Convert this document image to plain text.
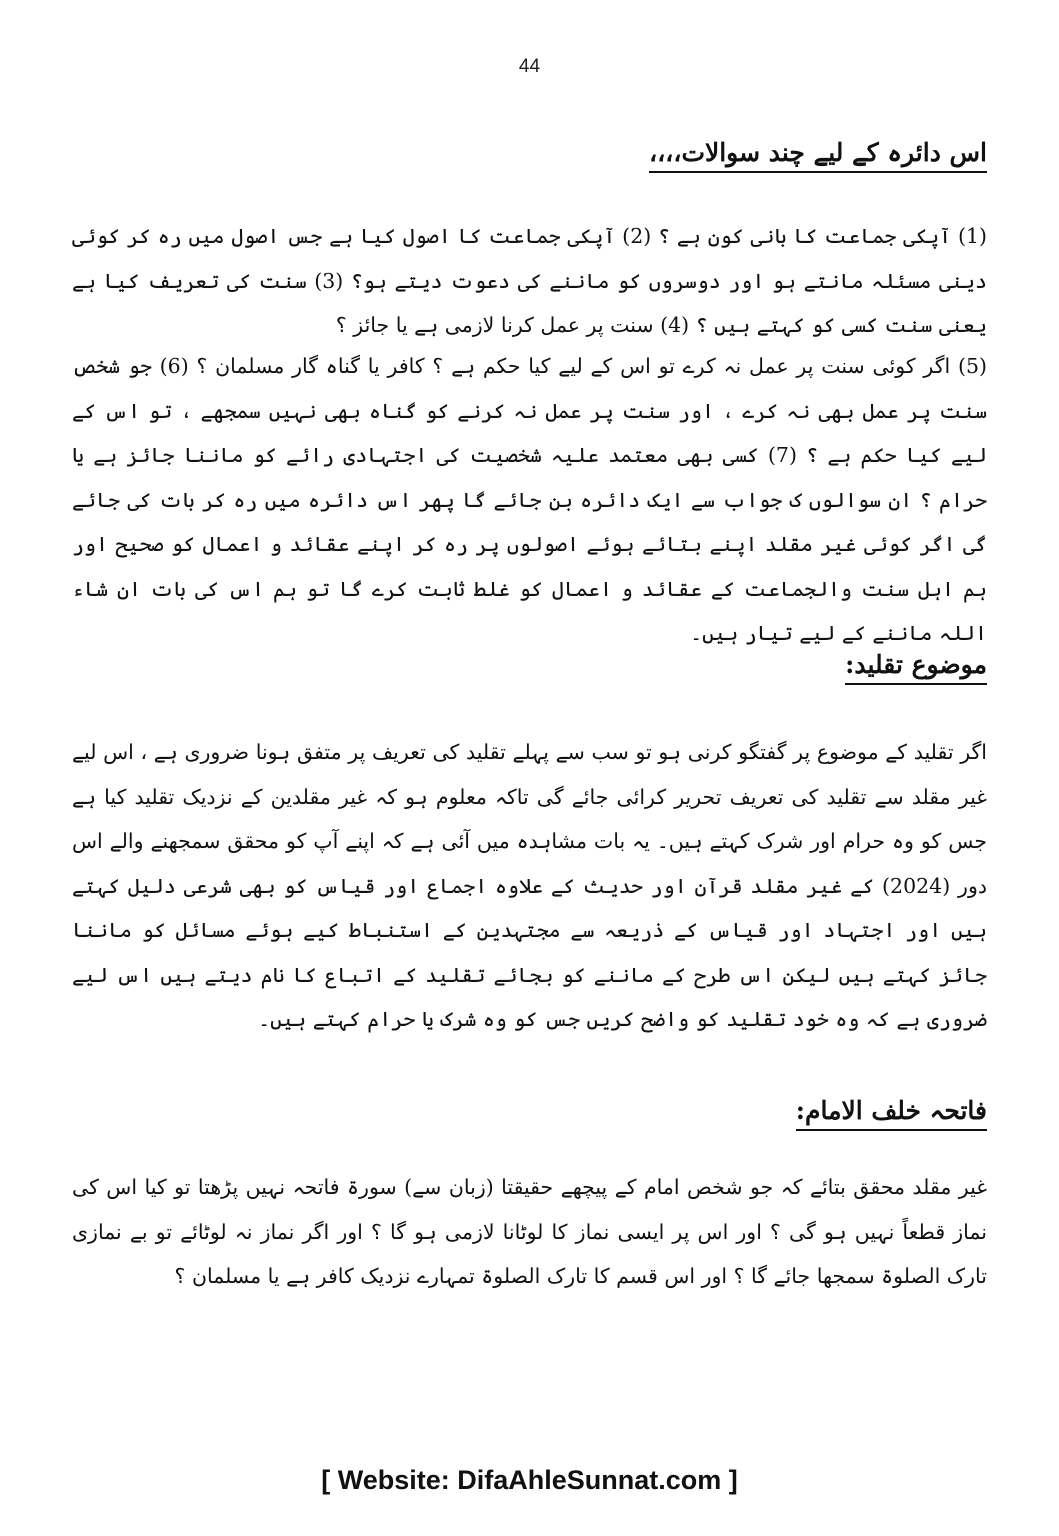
44
اس دائرہ کے لیے چند سوالات،،،،
(1) آپکی جماعت کا بانی کون ہے ؟ (2) آپکی جماعت کا اصول کیا ہے جس اصول میں رہ کر کوئی دینی مسئلہ مانتے ہو اور دوسروں کو ماننے کی دعوت دیتے ہو؟ (3) سنت کی تعریف کیا ہے یعنی سنت کسی کو کہتے ہیں ؟ (4) سنت پر عمل کرنا لازمی ہے یا جائز ؟
(5) اگر کوئی سنت پر عمل نہ کرے تو اس کے لیے کیا حکم ہے ؟ کافر یا گناہ گار مسلمان ؟ (6) جو شخص سنت پر عمل بھی نہ کرے ، اور سنت پر عمل نہ کرنے کو گناہ بھی نہیں سمجھے ، تو اس کے لیے کیا حکم ہے ؟ (7) کسی بھی معتمد علیہ شخصیت کی اجتہادی رائے کو ماننا جائز ہے یا حرام ؟ ان سوالوں ک جواب سے ایک دائرہ بن جائے گا پھر اس دائرہ میں رہ کر بات کی جائے گی اگر کوئی غیر مقلد اپنے بتائے ہوئے اصولوں پر رہ کر اپنے عقائد و اعمال کو صحیح اور ہم اہل سنت والجماعت کے عقائد و اعمال کو غلط ثابت کرے گا تو ہم اس کی بات ان شاء اللہ ماننے کے لیے تیار ہیں۔
موضوع تقلید:
اگر تقلید کے موضوع پر گفتگو کرنی ہو تو سب سے پہلے تقلید کی تعریف پر متفق ہونا ضروری ہے ، اس لیے غیر مقلد سے تقلید کی تعریف تحریر کرائی جائے گی تاکہ معلوم ہو کہ غیر مقلدین کے نزدیک تقلید کیا ہے جس کو وہ حرام اور شرک کہتے ہیں۔ یہ بات مشاہدہ میں آئی ہے کہ اپنے آپ کو محقق سمجھنے والے اس دور (2024) کے غیر مقلد قرآن اور حدیث کے علاوہ اجماع اور قیاس کو بھی شرعی دلیل کہتے ہیں اور اجتہاد اور قیاس کے ذریعہ سے مجتہدین کے استنباط کیے ہوئے مسائل کو ماننا جائز کہتے ہیں لیکن اس طرح کے ماننے کو بجائے تقلید کے اتباع کا نام دیتے ہیں اس لیے ضروری ہے کہ وہ خود تقلید کو واضح کریں جس کو وہ شرک یا حرام کہتے ہیں۔
فاتحہ خلف الامام:
غیر مقلد محقق بتائے کہ جو شخص امام کے پیچھے حقیقتا (زبان سے) سورۃ فاتحہ نہیں پڑھتا تو کیا اس کی نماز قطعاً نہیں ہو گی ؟ اور اس پر ایسی نماز کا لوٹانا لازمی ہو گا ؟ اور اگر نماز نہ لوٹائے تو بے نمازی تارک الصلوۃ سمجھا جائے گا ؟ اور اس قسم کا تارک الصلوۃ تمہارے نزدیک کافر ہے یا مسلمان ؟
[ Website: DifaAhleSunnat.com ]
